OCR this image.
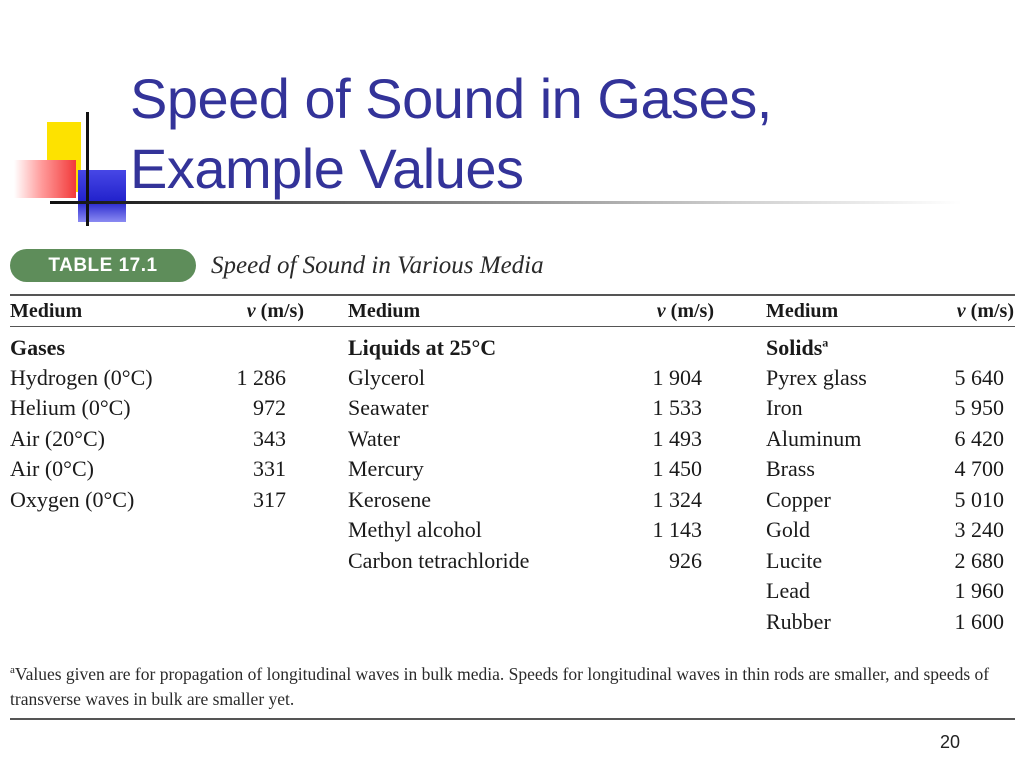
Speed of Sound in Gases,
Example Values
TABLE 17.1	Speed of Sound in Various Media
Medium	v (m/s) Medium	v (m/s)	Medium	v (m/s)
Gases
Hydrogen (0°C)	1 286
Helium (0°C)	972
Air (20°C)	343
Air (0°C)	331
Oxygen (0°C)	317
Liquids at 25°C
Glycerol	1 904
Seawater	1 533
Water	1 493
Mercury	1 450
Kerosene	1 324
Methyl alcohol	1 143
Carbon tetrachloride	926
Solids$^a$
Pyrex glass	5 640
Iron	5 950
Aluminum	6 420
Brass	4 700
Copper	5 010
Gold	3 240
Lucite	2 680
Lead	1 960
Rubber	1 600
$^a$Values given are for propagation of longitudinal waves in bulk media. Speeds for longitudinal waves in thin rods are smaller, and speeds of transverse waves in bulk are smaller yet.
20
